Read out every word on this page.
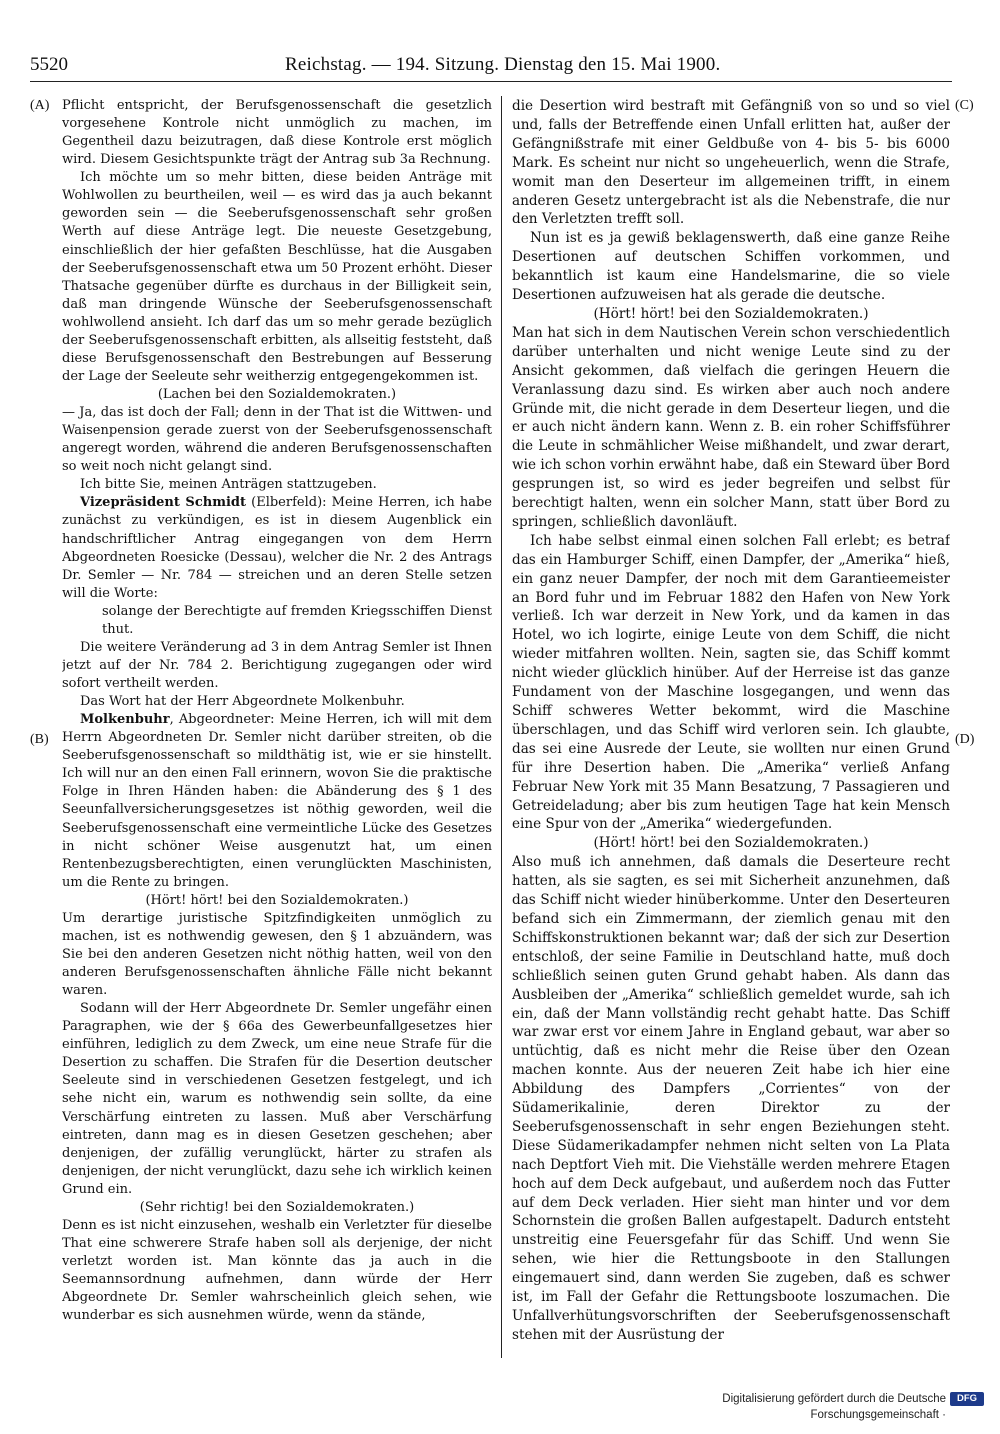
5520	Reichstag. — 194. Sitzung. Dienstag den 15. Mai 1900.
(A)
(B)
(C)
(D)

Pflicht entspricht, der Berufsgenossenschaft die gesetzlich vorgesehene Kontrole nicht unmöglich zu machen, im Gegentheil dazu beizutragen, daß diese Kontrole erst möglich wird. Diesem Gesichtspunkte trägt der Antrag sub 3a Rechnung.

Ich möchte um so mehr bitten, diese beiden Anträge mit Wohlwollen zu beurtheilen, weil — es wird das ja auch bekannt geworden sein — die Seeberufsgenossenschaft sehr großen Werth auf diese Anträge legt. Die neueste Gesetzgebung, einschließlich der hier gefaßten Beschlüsse, hat die Ausgaben der Seeberufsgenossenschaft etwa um 50 Prozent erhöht. Dieser Thatsache gegenüber dürfte es durchaus in der Billigkeit sein, daß man dringende Wünsche der Seeberufsgenossenschaft wohlwollend ansieht. Ich darf das um so mehr gerade bezüglich der Seeberufsgenossenschaft erbitten, als allseitig feststeht, daß diese Berufsgenossenschaft den Bestrebungen auf Besserung der Lage der Seeleute sehr weitherzig entgegengekommen ist.

(Lachen bei den Sozialdemokraten.)

— Ja, das ist doch der Fall; denn in der That ist die Wittwen- und Waisenpension gerade zuerst von der Seeberufsgenossenschaft angeregt worden, während die anderen Berufsgenossenschaften so weit noch nicht gelangt sind.

Ich bitte Sie, meinen Anträgen stattzugeben.

Vizepräsident Schmidt (Elberfeld): Meine Herren, ich habe zunächst zu verkündigen, es ist in diesem Augenblick ein handschriftlicher Antrag eingegangen von dem Herrn Abgeordneten Roesicke (Dessau), welcher die Nr. 2 des Antrags Dr. Semler — Nr. 784 — streichen und an deren Stelle setzen will die Worte:

solange der Berechtigte auf fremden Kriegsschiffen Dienst thut.

Die weitere Veränderung ad 3 in dem Antrag Semler ist Ihnen jetzt auf der Nr. 784 2. Berichtigung zugegangen oder wird sofort vertheilt werden.

Das Wort hat der Herr Abgeordnete Molkenbuhr.

Molkenbuhr, Abgeordneter: Meine Herren, ich will mit dem Herrn Abgeordneten Dr. Semler nicht darüber streiten, ob die Seeberufsgenossenschaft so mildthätig ist, wie er sie hinstellt. Ich will nur an den einen Fall erinnern, wovon Sie die praktische Folge in Ihren Händen haben: die Abänderung des § 1 des Seeunfallversicherungsgesetzes ist nöthig geworden, weil die Seeberufsgenossenschaft eine vermeintliche Lücke des Gesetzes in nicht schöner Weise ausgenutzt hat, um einen Rentenbezugsberechtigten, einen verunglückten Maschinisten, um die Rente zu bringen.

(Hört! hört! bei den Sozialdemokraten.)

Um derartige juristische Spitzfindigkeiten unmöglich zu machen, ist es nothwendig gewesen, den § 1 abzuändern, was Sie bei den anderen Gesetzen nicht nöthig hatten, weil von den anderen Berufsgenossenschaften ähnliche Fälle nicht bekannt waren.

Sodann will der Herr Abgeordnete Dr. Semler ungefähr einen Paragraphen, wie der § 66a des Gewerbeunfallgesetzes hier einführen, lediglich zu dem Zweck, um eine neue Strafe für die Desertion zu schaffen. Die Strafen für die Desertion deutscher Seeleute sind in verschiedenen Gesetzen festgelegt, und ich sehe nicht ein, warum es nothwendig sein sollte, da eine Verschärfung eintreten zu lassen. Muß aber Verschärfung eintreten, dann mag es in diesen Gesetzen geschehen; aber denjenigen, der zufällig verunglückt, härter zu strafen als denjenigen, der nicht verunglückt, dazu sehe ich wirklich keinen Grund ein.

(Sehr richtig! bei den Sozialdemokraten.)

Denn es ist nicht einzusehen, weshalb ein Verletzter für dieselbe That eine schwerere Strafe haben soll als derjenige, der nicht verletzt worden ist. Man könnte das ja auch in die Seemannsordnung aufnehmen, dann würde der Herr Abgeordnete Dr. Semler wahrscheinlich gleich sehen, wie wunderbar es sich ausnehmen würde, wenn da stände,

die Desertion wird bestraft mit Gefängniß von so und so viel und, falls der Betreffende einen Unfall erlitten hat, außer der Gefängnißstrafe mit einer Geldbuße von 4- bis 5- bis 6000 Mark. Es scheint nur nicht so ungeheuerlich, wenn die Strafe, womit man den Deserteur im allgemeinen trifft, in einem anderen Gesetz untergebracht ist als die Nebenstrafe, die nur den Verletzten trefft soll.

Nun ist es ja gewiß beklagenswerth, daß eine ganze Reihe Desertionen auf deutschen Schiffen vorkommen, und bekanntlich ist kaum eine Handelsmarine, die so viele Desertionen aufzuweisen hat als gerade die deutsche.

(Hört! hört! bei den Sozialdemokraten.)

Man hat sich in dem Nautischen Verein schon verschiedentlich darüber unterhalten und nicht wenige Leute sind zu der Ansicht gekommen, daß vielfach die geringen Heuern die Veranlassung dazu sind. Es wirken aber auch noch andere Gründe mit, die nicht gerade in dem Deserteur liegen, und die er auch nicht ändern kann. Wenn z. B. ein roher Schiffsführer die Leute in schmählicher Weise mißhandelt, und zwar derart, wie ich schon vorhin erwähnt habe, daß ein Steward über Bord gesprungen ist, so wird es jeder begreifen und selbst für berechtigt halten, wenn ein solcher Mann, statt über Bord zu springen, schließlich davonläuft.

Ich habe selbst einmal einen solchen Fall erlebt; es betraf das ein Hamburger Schiff, einen Dampfer, der „Amerika“ hieß, ein ganz neuer Dampfer, der noch mit dem Garantieemeister an Bord fuhr und im Februar 1882 den Hafen von New York verließ. Ich war derzeit in New York, und da kamen in das Hotel, wo ich logirte, einige Leute von dem Schiff, die nicht wieder mitfahren wollten. Nein, sagten sie, das Schiff kommt nicht wieder glücklich hinüber. Auf der Herreise ist das ganze Fundament von der Maschine losgegangen, und wenn das Schiff schweres Wetter bekommt, wird die Maschine überschlagen, und das Schiff wird verloren sein. Ich glaubte, das sei eine Ausrede der Leute, sie wollten nur einen Grund für ihre Desertion haben. Die „Amerika“ verließ Anfang Februar New York mit 35 Mann Besatzung, 7 Passagieren und Getreideladung; aber bis zum heutigen Tage hat kein Mensch eine Spur von der „Amerika“ wiedergefunden.

(Hört! hört! bei den Sozialdemokraten.)

Also muß ich annehmen, daß damals die Deserteure recht hatten, als sie sagten, es sei mit Sicherheit anzunehmen, daß das Schiff nicht wieder hinüberkomme. Unter den Deserteuren befand sich ein Zimmermann, der ziemlich genau mit den Schiffskonstruktionen bekannt war; daß der sich zur Desertion entschloß, der seine Familie in Deutschland hatte, muß doch schließlich seinen guten Grund gehabt haben. Als dann das Ausbleiben der „Amerika“ schließlich gemeldet wurde, sah ich ein, daß der Mann vollständig recht gehabt hatte. Das Schiff war zwar erst vor einem Jahre in England gebaut, war aber so untüchtig, daß es nicht mehr die Reise über den Ozean machen konnte. Aus der neueren Zeit habe ich hier eine Abbildung des Dampfers „Corrientes“ von der Südamerikalinie, deren Direktor zu der Seeberufsgenossenschaft in sehr engen Beziehungen steht. Diese Südamerikadampfer nehmen nicht selten von La Plata nach Deptfort Vieh mit. Die Viehställe werden mehrere Etagen hoch auf dem Deck aufgebaut, und außerdem noch das Futter auf dem Deck verladen. Hier sieht man hinter und vor dem Schornstein die großen Ballen aufgestapelt. Dadurch entsteht unstreitig eine Feuersgefahr für das Schiff. Und wenn Sie sehen, wie hier die Rettungsboote in den Stallungen eingemauert sind, dann werden Sie zugeben, daß es schwer ist, im Fall der Gefahr die Rettungsboote loszumachen. Die Unfallverhütungsvorschriften der Seeberufsgenossenschaft stehen mit der Ausrüstung der

Digitalisierung gefördert durch die Deutsche Forschungsgemeinschaft ·
DFG
